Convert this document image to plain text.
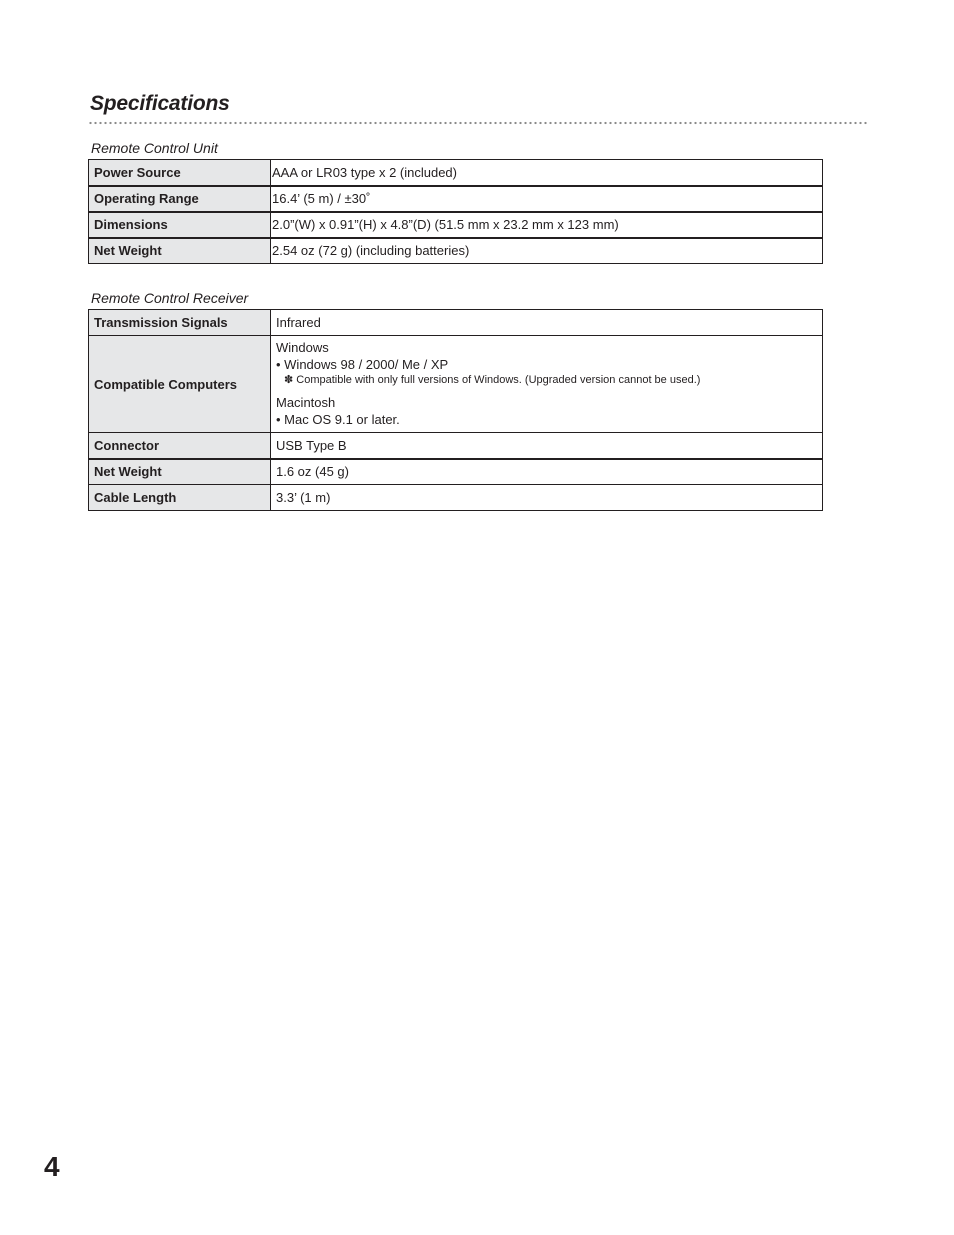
Specifications

Remote Control Unit

Power Source	AAA or LR03 type x 2 (included)
Operating Range	16.4’ (5 m) / ±30˚
Dimensions	2.0”(W) x 0.91”(H) x 4.8”(D) (51.5 mm x 23.2 mm x 123 mm)
Net Weight	2.54 oz (72 g) (including batteries)

Remote Control Receiver

Transmission Signals	Infrared
Compatible Computers	Windows
• Windows 98 / 2000/ Me / XP
✽ Compatible with only full versions of Windows. (Upgraded version cannot be used.)
Macintosh
• Mac OS 9.1 or later.

Connector	USB Type B
Net Weight	1.6 oz (45 g)
Cable Length	3.3’ (1 m)

4
